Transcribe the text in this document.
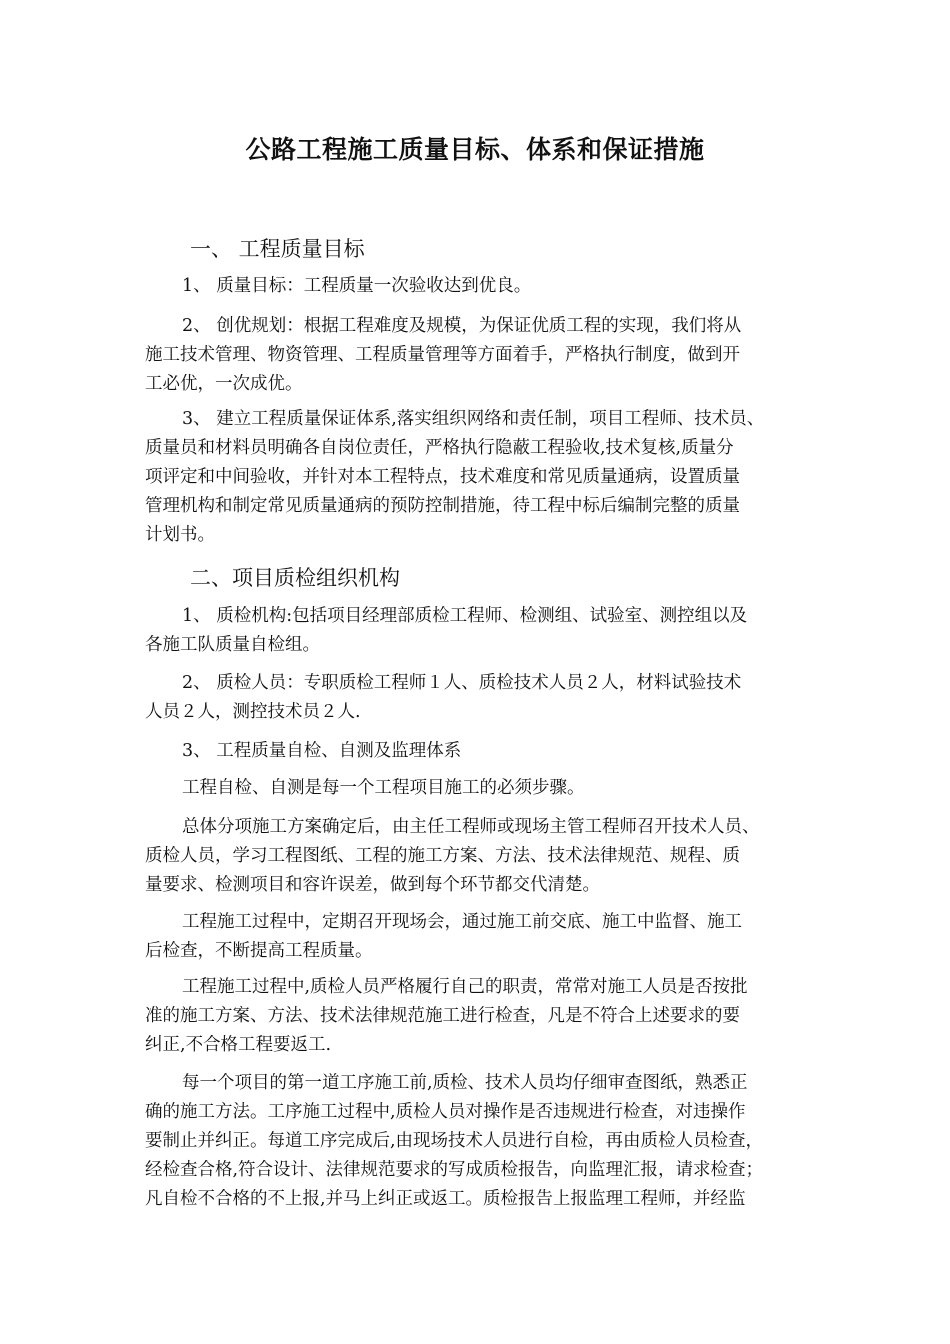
公路工程施工质量目标、体系和保证措施
一、 工程质量目标
1、 质量目标：工程质量一次验收达到优良。
2、 创优规划：根据工程难度及规模，为保证优质工程的实现，我们将从
施工技术管理、物资管理、工程质量管理等方面着手，严格执行制度，做到开
工必优，一次成优。
3、 建立工程质量保证体系,落实组织网络和责任制，项目工程师、技术员、
质量员和材料员明确各自岗位责任，严格执行隐蔽工程验收,技术复核,质量分
项评定和中间验收，并针对本工程特点，技术难度和常见质量通病，设置质量
管理机构和制定常见质量通病的预防控制措施，待工程中标后编制完整的质量
计划书。
二、项目质检组织机构
1、 质检机构:包括项目经理部质检工程师、检测组、试验室、测控组以及
各施工队质量自检组。
2、 质检人员：专职质检工程师１人、质检技术人员２人，材料试验技术
人员２人，测控技术员２人.
3、 工程质量自检、自测及监理体系
工程自检、自测是每一个工程项目施工的必须步骤。
总体分项施工方案确定后，由主任工程师或现场主管工程师召开技术人员、
质检人员，学习工程图纸、工程的施工方案、方法、技术法律规范、规程、质
量要求、检测项目和容许误差，做到每个环节都交代清楚。
工程施工过程中，定期召开现场会，通过施工前交底、施工中监督、施工
后检查，不断提高工程质量。
工程施工过程中,质检人员严格履行自己的职责，常常对施工人员是否按批
准的施工方案、方法、技术法律规范施工进行检查，凡是不符合上述要求的要
纠正,不合格工程要返工.
每一个项目的第一道工序施工前,质检、技术人员均仔细审查图纸，熟悉正
确的施工方法。工序施工过程中,质检人员对操作是否违规进行检查，对违操作
要制止并纠正。每道工序完成后,由现场技术人员进行自检，再由质检人员检查，
经检查合格,符合设计、法律规范要求的写成质检报告，向监理汇报，请求检查；
凡自检不合格的不上报,并马上纠正或返工。质检报告上报监理工程师，并经监
